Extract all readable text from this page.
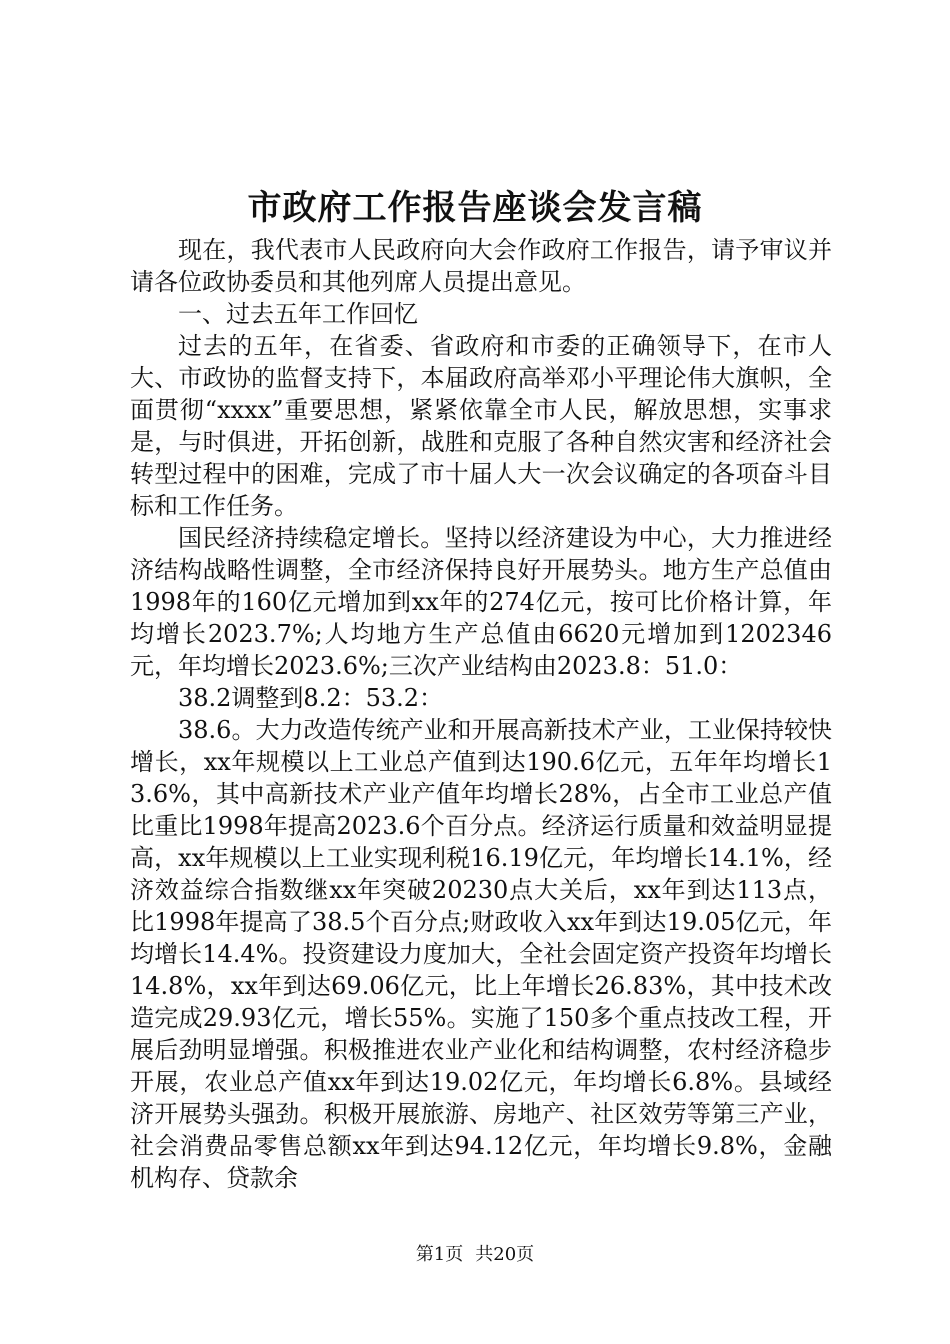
市政府工作报告座谈会发言稿

现在，我代表市人民政府向大会作政府工作报告，请予审议并请各位政协委员和其他列席人员提出意见。

一、过去五年工作回忆

过去的五年，在省委、省政府和市委的正确领导下，在市人大、市政协的监督支持下，本届政府高举邓小平理论伟大旗帜，全面贯彻“xxxx”重要思想，紧紧依靠全市人民，解放思想，实事求是，与时俱进，开拓创新，战胜和克服了各种自然灾害和经济社会转型过程中的困难，完成了市十届人大一次会议确定的各项奋斗目标和工作任务。

国民经济持续稳定增长。坚持以经济建设为中心，大力推进经济结构战略性调整，全市经济保持良好开展势头。地方生产总值由1998年的160亿元增加到xx年的274亿元，按可比价格计算，年均增长2023.7%;人均地方生产总值由6620元增加到1202346元，年均增长2023.6%;三次产业结构由2023.8：51.0：

38.2调整到8.2：53.2：

38.6。大力改造传统产业和开展高新技术产业，工业保持较快增长，xx年规模以上工业总产值到达190.6亿元，五年年均增长13.6%，其中高新技术产业产值年均增长28%，占全市工业总产值比重比1998年提高2023.6个百分点。经济运行质量和效益明显提高，xx年规模以上工业实现利税16.19亿元，年均增长14.1%，经济效益综合指数继xx年突破20230点大关后，xx年到达113点，比1998年提高了38.5个百分点;财政收入xx年到达19.05亿元，年均增长14.4%。投资建设力度加大，全社会固定资产投资年均增长14.8%，xx年到达69.06亿元，比上年增长26.83%，其中技术改造完成29.93亿元，增长55%。实施了150多个重点技改工程，开展后劲明显增强。积极推进农业产业化和结构调整，农村经济稳步开展，农业总产值xx年到达19.02亿元，年均增长6.8%。县域经济开展势头强劲。积极开展旅游、房地产、社区效劳等第三产业，社会消费品零售总额xx年到达94.12亿元，年均增长9.8%，金融机构存、贷款余

第1页 共20页
